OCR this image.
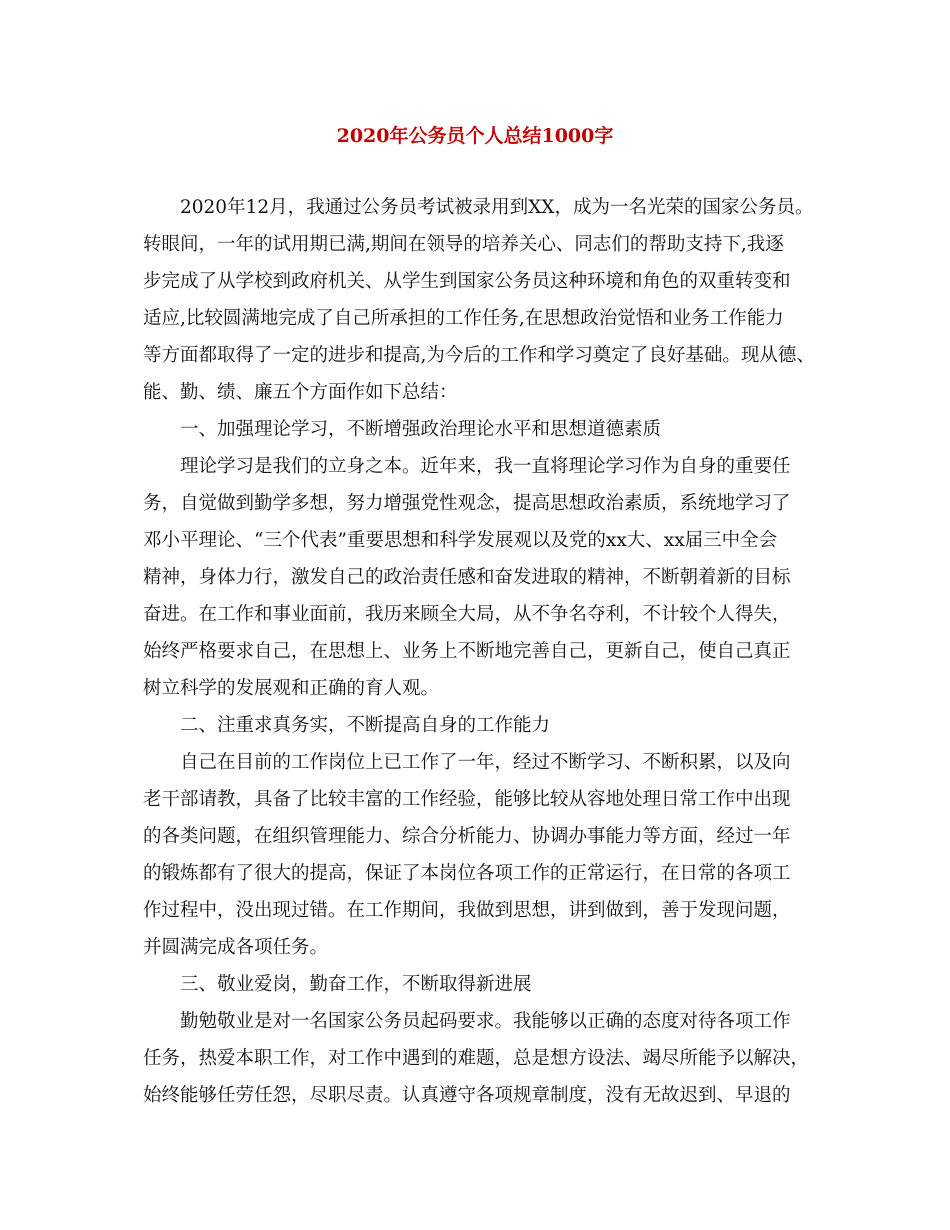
2020年公务员个人总结1000字
2020年12月，我通过公务员考试被录用到XX，成为一名光荣的国家公务员。
转眼间，一年的试用期已满,期间在领导的培养关心、同志们的帮助支持下,我逐
步完成了从学校到政府机关、从学生到国家公务员这种环境和角色的双重转变和
适应,比较圆满地完成了自己所承担的工作任务,在思想政治觉悟和业务工作能力
等方面都取得了一定的进步和提高,为今后的工作和学习奠定了良好基础。现从德、
能、勤、绩、廉五个方面作如下总结：
一、加强理论学习，不断增强政治理论水平和思想道德素质
理论学习是我们的立身之本。近年来，我一直将理论学习作为自身的重要任
务，自觉做到勤学多想，努力增强党性观念，提高思想政治素质，系统地学习了
邓小平理论、“三个代表”重要思想和科学发展观以及党的xx大、xx届三中全会
精神，身体力行，激发自己的政治责任感和奋发进取的精神，不断朝着新的目标
奋进。在工作和事业面前，我历来顾全大局，从不争名夺利，不计较个人得失，
始终严格要求自己，在思想上、业务上不断地完善自己，更新自己，使自己真正
树立科学的发展观和正确的育人观。
二、注重求真务实，不断提高自身的工作能力
自己在目前的工作岗位上已工作了一年，经过不断学习、不断积累，以及向
老干部请教，具备了比较丰富的工作经验，能够比较从容地处理日常工作中出现
的各类问题，在组织管理能力、综合分析能力、协调办事能力等方面，经过一年
的锻炼都有了很大的提高，保证了本岗位各项工作的正常运行，在日常的各项工
作过程中，没出现过错。在工作期间，我做到思想，讲到做到，善于发现问题，
并圆满完成各项任务。
三、敬业爱岗，勤奋工作，不断取得新进展
勤勉敬业是对一名国家公务员起码要求。我能够以正确的态度对待各项工作
任务，热爱本职工作，对工作中遇到的难题，总是想方设法、竭尽所能予以解决，
始终能够任劳任怨，尽职尽责。认真遵守各项规章制度，没有无故迟到、早退的
